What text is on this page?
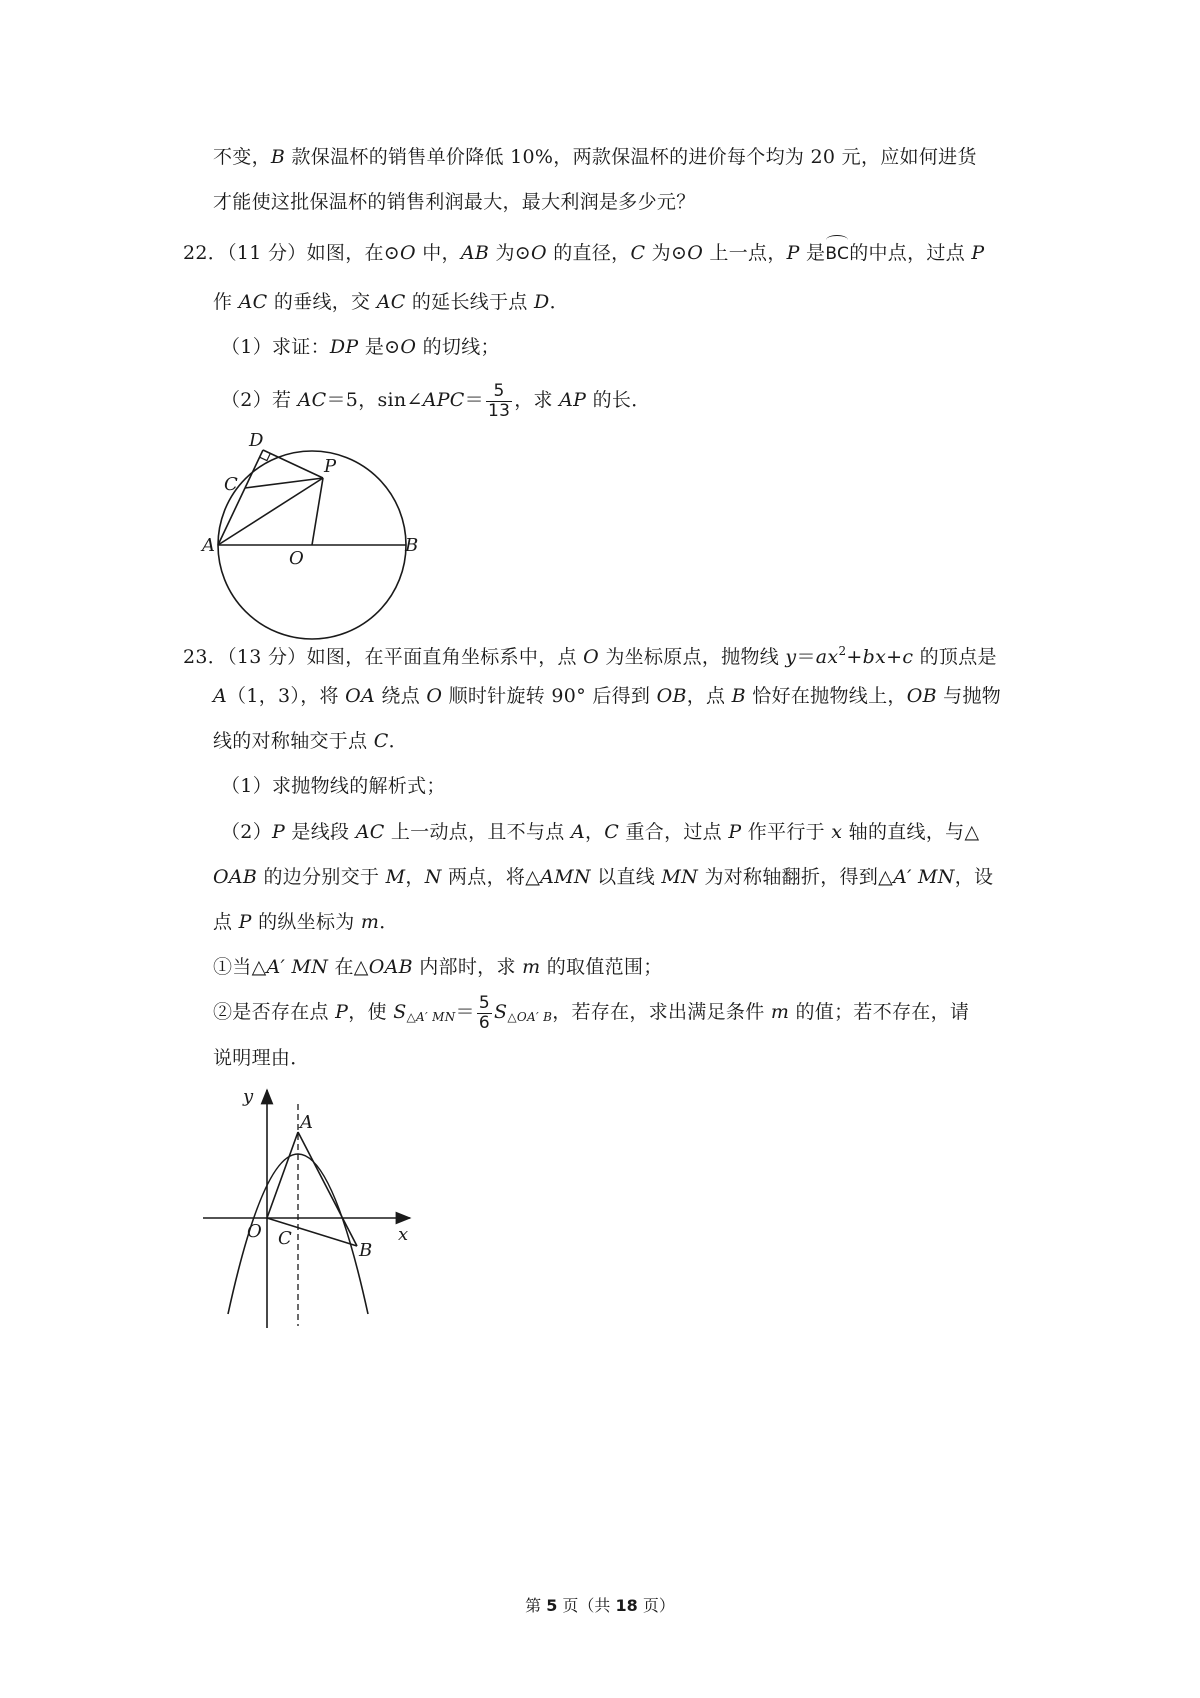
不变，B 款保温杯的销售单价降低 10%，两款保温杯的进价每个均为 20 元，应如何进货
才能使这批保温杯的销售利润最大，最大利润是多少元？
22．（11 分）如图，在⊙O 中，AB 为⊙O 的直径，C 为⊙O 上一点，P 是BC的中点，过点 P
作 AC 的垂线，交 AC 的延长线于点 D．
（1）求证：DP 是⊙O 的切线；
（2）若 AC＝5，sin∠APC＝ $\frac{5}{13}$ ，求 AP 的长．
D
P
C
A
O
B
23．（13 分）如图，在平面直角坐标系中，点 O 为坐标原点，抛物线 $y=ax^2+bx+c$ 的顶点是
A（1，3），将 OA 绕点 O 顺时针旋转 90° 后得到 OB，点 B 恰好在抛物线上，OB 与抛物
线的对称轴交于点 C．
（1）求抛物线的解析式；
（2）P 是线段 AC 上一动点，且不与点 A，C 重合，过点 P 作平行于 x 轴的直线，与△
OAB 的边分别交于 M，N 两点，将△AMN 以直线 MN 为对称轴翻折，得到△A′ MN，设
点 P 的纵坐标为 m．
①当△A′ MN 在△OAB 内部时，求 m 的取值范围；
②是否存在点 P，使 $S_{\triangle A' MN}= \frac{5}{6} S_{\triangle OA' B}$，若存在，求出满足条件 m 的值；若不存在，请
说明理由．
y
x
A
O C
B
第 5 页（共 18 页）
